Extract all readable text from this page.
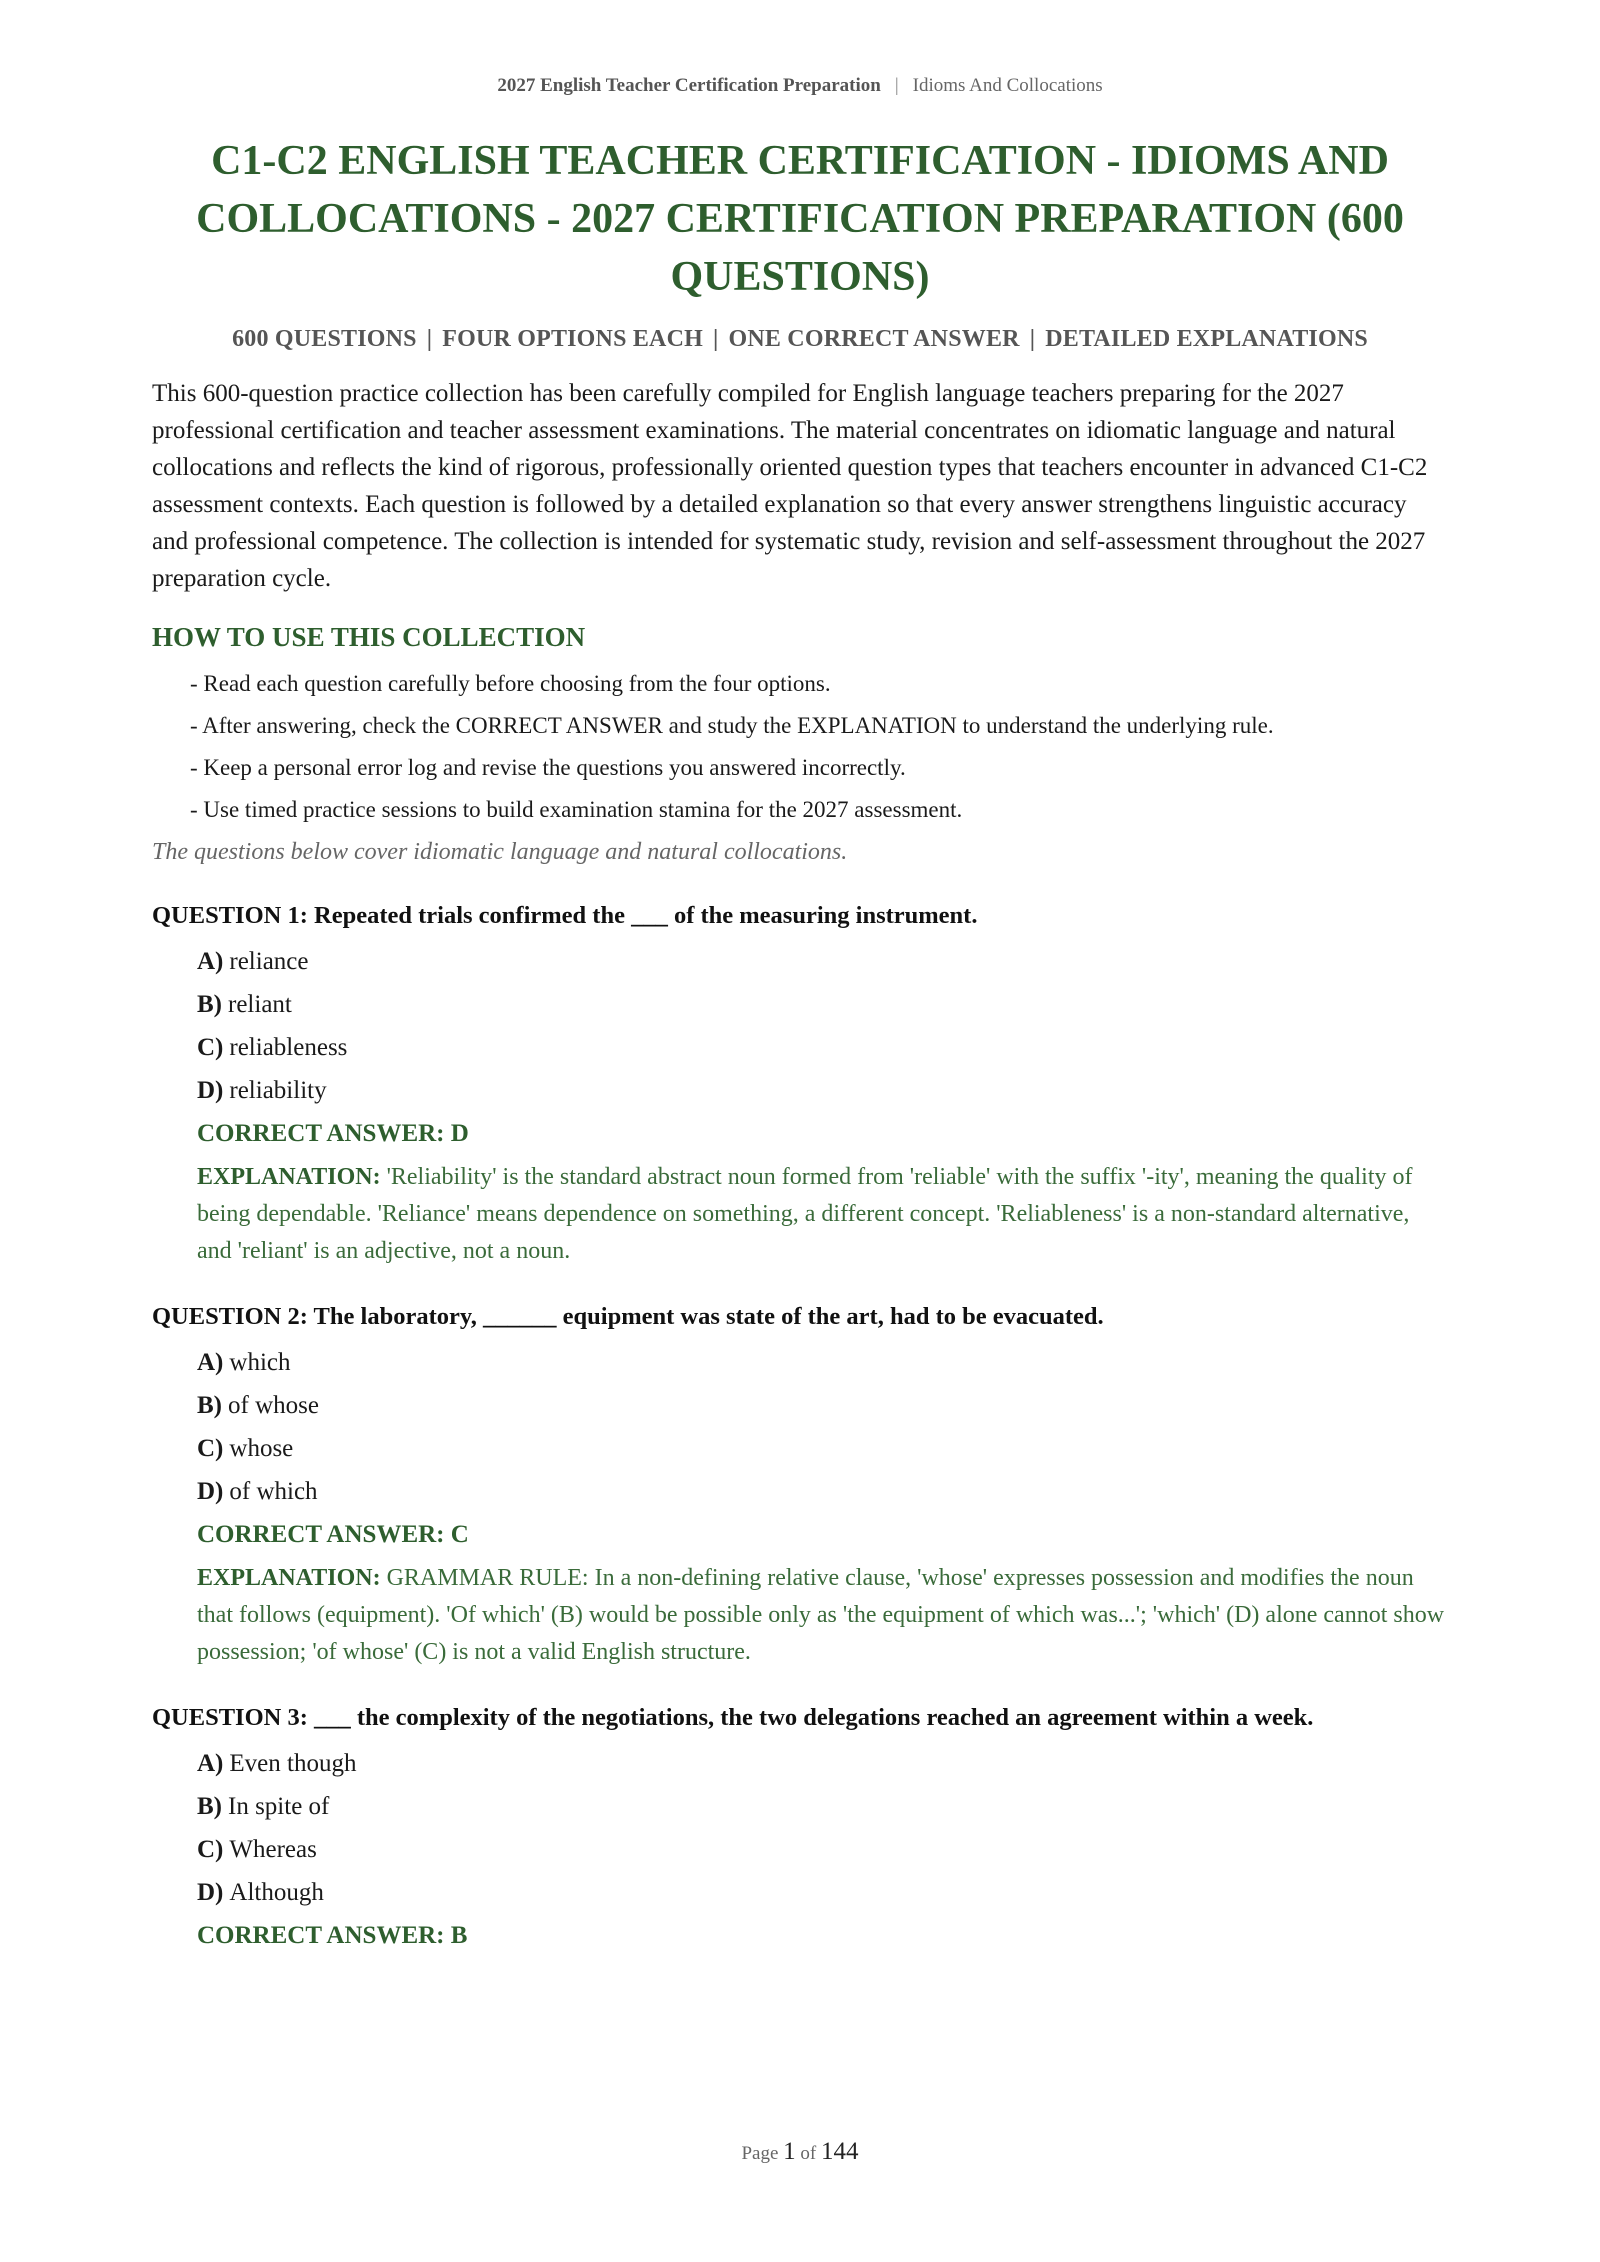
2027 English Teacher Certification Preparation | Idioms And Collocations
C1-C2 ENGLISH TEACHER CERTIFICATION - IDIOMS AND COLLOCATIONS - 2027 CERTIFICATION PREPARATION (600 QUESTIONS)
600 QUESTIONS | FOUR OPTIONS EACH | ONE CORRECT ANSWER | DETAILED EXPLANATIONS

This 600-question practice collection has been carefully compiled for English language teachers preparing for the 2027 professional certification and teacher assessment examinations. The material concentrates on idiomatic language and natural collocations and reflects the kind of rigorous, professionally oriented question types that teachers encounter in advanced C1-C2 assessment contexts. Each question is followed by a detailed explanation so that every answer strengthens linguistic accuracy and professional competence. The collection is intended for systematic study, revision and self-assessment throughout the 2027 preparation cycle.

HOW TO USE THIS COLLECTION
- Read each question carefully before choosing from the four options.
- After answering, check the CORRECT ANSWER and study the EXPLANATION to understand the underlying rule.
- Keep a personal error log and revise the questions you answered incorrectly.
- Use timed practice sessions to build examination stamina for the 2027 assessment.
The questions below cover idiomatic language and natural collocations.
QUESTION 1: Repeated trials confirmed the ___ of the measuring instrument.
A) reliance
B) reliant
C) reliableness
D) reliability
CORRECT ANSWER: D
EXPLANATION: 'Reliability' is the standard abstract noun formed from 'reliable' with the suffix '-ity', meaning the quality of being dependable. 'Reliance' means dependence on something, a different concept. 'Reliableness' is a non-standard alternative, and 'reliant' is an adjective, not a noun.
QUESTION 2: The laboratory, ______ equipment was state of the art, had to be evacuated.
A) which
B) of whose
C) whose
D) of which
CORRECT ANSWER: C
EXPLANATION: GRAMMAR RULE: In a non-defining relative clause, 'whose' expresses possession and modifies the noun that follows (equipment). 'Of which' (B) would be possible only as 'the equipment of which was...'; 'which' (D) alone cannot show possession; 'of whose' (C) is not a valid English structure.
QUESTION 3: ___ the complexity of the negotiations, the two delegations reached an agreement within a week.
A) Even though
B) In spite of
C) Whereas
D) Although
CORRECT ANSWER: B
Page 1 of 144
